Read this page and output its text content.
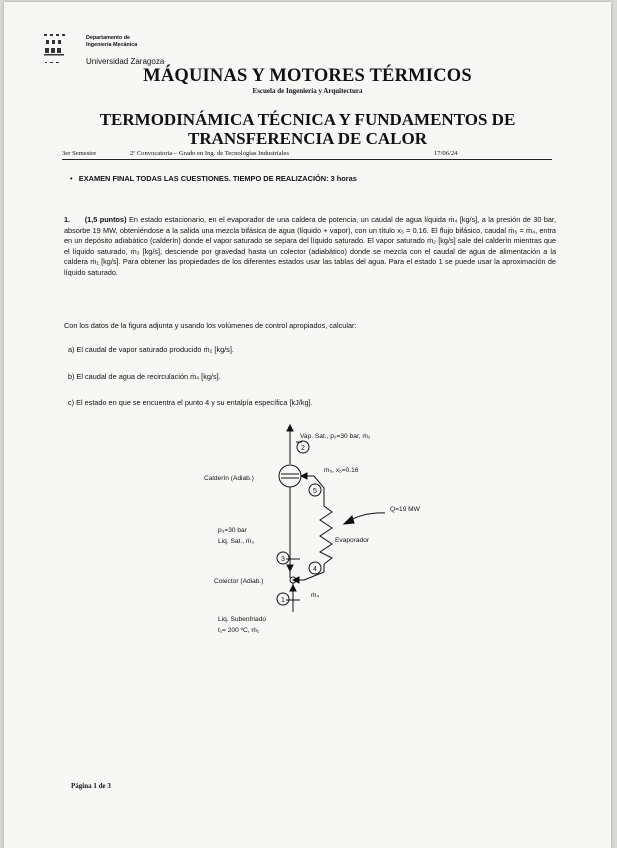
Departamento de
Ingeniería Mecánica
Universidad Zaragoza
MÁQUINAS Y MOTORES TÉRMICOS
Escuela de Ingeniería y Arquitectura
TERMODINÁMICA TÉCNICA Y FUNDAMENTOS DE
TRANSFERENCIA DE CALOR
3er Semestre	2ª Convocatoria – Grado en Ing. de Tecnologías Industriales	17/06/24
• EXAMEN FINAL TODAS LAS CUESTIONES. TIEMPO DE REALIZACIÓN: 3 horas
1. (1,5 puntos) En estado estacionario, en el evaporador de una caldera de potencia, un caudal de agua líquida ṁ₄ [kg/s], a la presión de 30 bar, absorbe 19 MW, obteniéndose a la salida una mezcla bifásica de agua (líquido + vapor), con un título x₅ = 0.16. El flujo bifásico, caudal ṁ₅ = ṁ₄, entra en un depósito adiabático (calderín) donde el vapor saturado se separa del líquido saturado. El vapor saturado ṁ₂ [kg/s] sale del calderín mientras que el líquido saturado, ṁ₃ [kg/s], desciende por gravedad hasta un colector (adiabático) donde se mezcla con el caudal de agua de alimentación a la caldera ṁ₁ [kg/s]. Para obtener las propiedades de los diferentes estados usar las tablas del agua. Para el estado 1 se puede usar la aproximación de líquido saturado.
Con los datos de la figura adjunta y usando los volúmenes de control apropiados, calcular:
a) El caudal de vapor saturado producido ṁ₂ [kg/s].
b) El caudal de agua de recirculación ṁ₄ [kg/s].
c) El estado en que se encuentra el punto 4 y su entalpía específica [kJ/kg].
2
5
3
4
1
Vap. Sat., p₂=30 bar, ṁ₂
Calderín (Adiab.)
ṁ₅, x₅=0.16
Q=19 MW
p₃=30 bar
Liq. Sat., ṁ₃	Evaporador
Colector (Adiab.)
ṁ₄
Liq. Subenfriado
t₁= 200 ºC, ṁ₁
Página 1 de 3
